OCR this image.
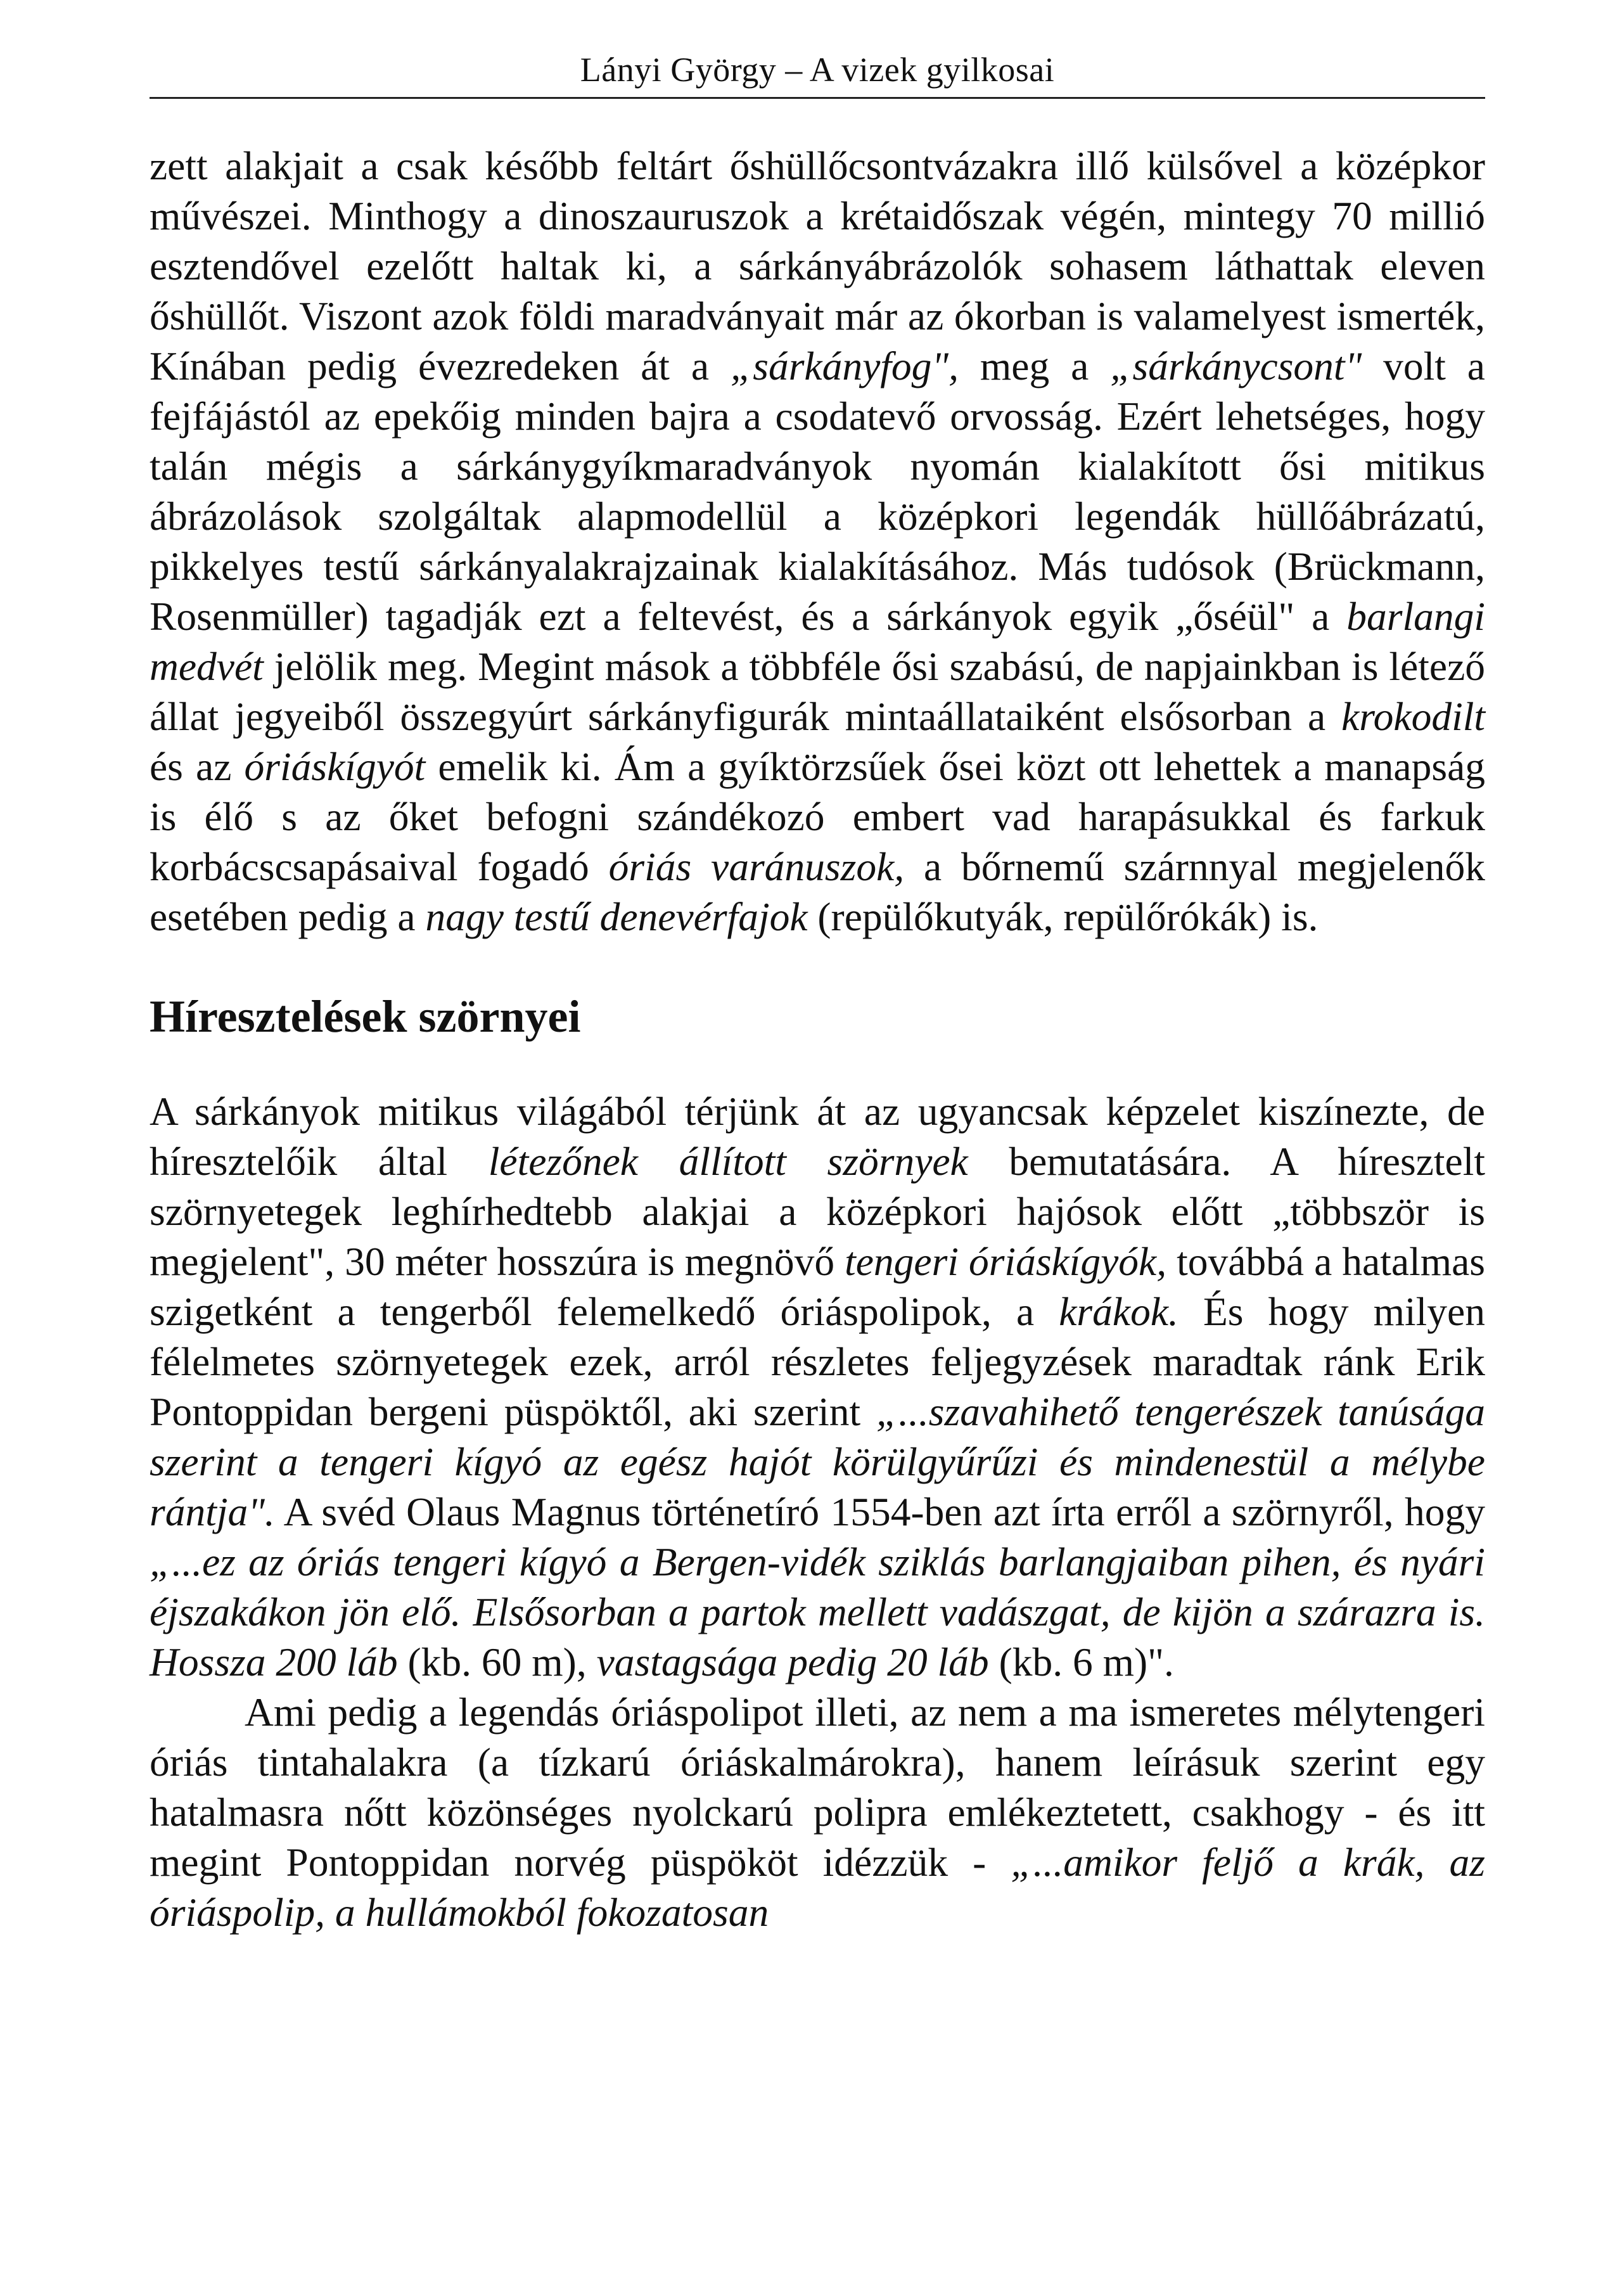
Lányi György – A vizek gyilkosai

zett alakjait a csak később feltárt őshüllőcsontvázakra illő külsővel a középkor művészei. Minthogy a dinoszauruszok a krétaidőszak végén, mintegy 70 millió esztendővel ezelőtt haltak ki, a sárkányábrázolók sohasem láthattak eleven őshüllőt. Viszont azok földi maradványait már az ókorban is valamelyest ismerték, Kínában pedig évezredeken át a „sárkányfog", meg a „sárkánycsont" volt a fejfájástól az epekőig minden bajra a csodatevő orvosság. Ezért lehetséges, hogy talán mégis a sárkánygyíkmaradványok nyomán kialakított ősi mitikus ábrázolások szolgáltak alapmodellül a középkori legendák hüllőábrázatú, pikkelyes testű sárkányalakrajzainak kialakításához. Más tudósok (Brückmann, Rosenmüller) tagadják ezt a feltevést, és a sárkányok egyik „őséül" a barlangi medvét jelölik meg. Megint mások a többféle ősi szabású, de napjainkban is létező állat jegyeiből összegyúrt sárkányfigurák mintaállataiként elsősorban a krokodilt és az óriáskígyót emelik ki. Ám a gyíktörzsűek ősei közt ott lehettek a manapság is élő s az őket befogni szándékozó embert vad harapásukkal és farkuk korbácscsapásaival fogadó óriás varánuszok, a bőrnemű szárnnyal megjelenők esetében pedig a nagy testű denevérfajok (repülőkutyák, repülőrókák) is.

Híresztelések szörnyei

A sárkányok mitikus világából térjünk át az ugyancsak képzelet kiszínezte, de híresztelőik által létezőnek állított szörnyek bemutatására. A híresztelt szörnyetegek leghírhedtebb alakjai a középkori hajósok előtt „többször is megjelent", 30 méter hosszúra is megnövő tengeri óriáskígyók, továbbá a hatalmas szigetként a tengerből felemelkedő óriáspolipok, a krákok. És hogy milyen félelmetes szörnyetegek ezek, arról részletes feljegyzések maradtak ránk Erik Pontoppidan bergeni püspöktől, aki szerint „...szavahihető tengerészek tanúsága szerint a tengeri kígyó az egész hajót körülgyűrűzi és mindenestül a mélybe rántja". A svéd Olaus Magnus történetíró 1554-ben azt írta erről a szörnyről, hogy „...ez az óriás tengeri kígyó a Bergen-vidék sziklás barlangjaiban pihen, és nyári éjszakákon jön elő. Elsősorban a partok mellett vadászgat, de kijön a szárazra is. Hossza 200 láb (kb. 60 m), vastagsága pedig 20 láb (kb. 6 m)".

Ami pedig a legendás óriáspolipot illeti, az nem a ma ismeretes mélytengeri óriás tintahalakra (a tízkarú óriáskalmárokra), hanem leírásuk szerint egy hatalmasra nőtt közönséges nyolckarú polipra emlékeztetett, csakhogy - és itt megint Pontoppidan norvég püspököt idézzük - „...amikor feljő a krák, az óriáspolip, a hullámokból fokozatosan
